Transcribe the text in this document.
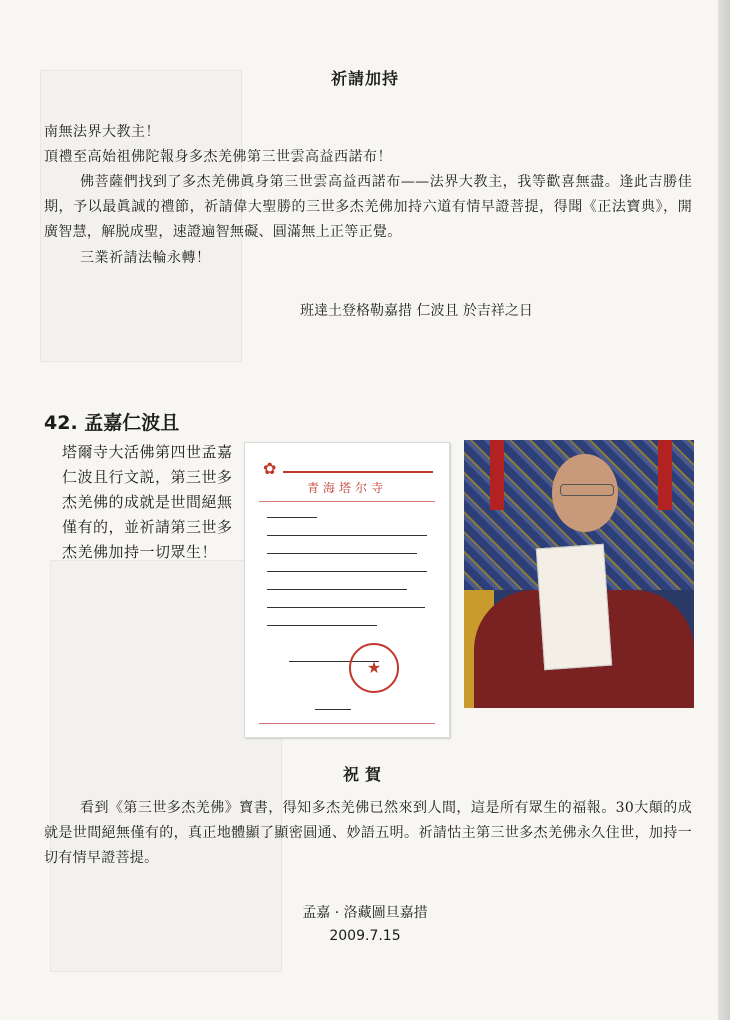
祈請加持
南無法界大教主！
頂禮至高始祖佛陀報身多杰羌佛第三世雲高益西諾布！
佛菩薩們找到了多杰羌佛眞身第三世雲高益西諾布——法界大教主，我等歡喜無盡。逢此吉勝佳期，予以最眞誠的禮節，祈請偉大聖勝的三世多杰羌佛加持六道有情早證菩提，得聞《正法寶典》，開廣智慧，解脱成聖，速證遍智無礙、圓滿無上正等正覺。
三業祈請法輪永轉！
班達土登格勒嘉措 仁波且 於吉祥之日
42. 孟嘉仁波且
塔爾寺大活佛第四世孟嘉仁波且行文説，第三世多杰羌佛的成就是世間絕無僅有的，並祈請第三世多杰羌佛加持一切眾生！
✿
青海塔尔寺
★
祝賀
看到《第三世多杰羌佛》寶書，得知多杰羌佛已然來到人間，這是所有眾生的福報。30大顛的成就是世間絕無僅有的，真正地體顯了顯密圓通、妙語五明。祈請怙主第三世多杰羌佛永久住世，加持一切有情早證菩提。
孟嘉 · 洛藏圖旦嘉措
2009.7.15
